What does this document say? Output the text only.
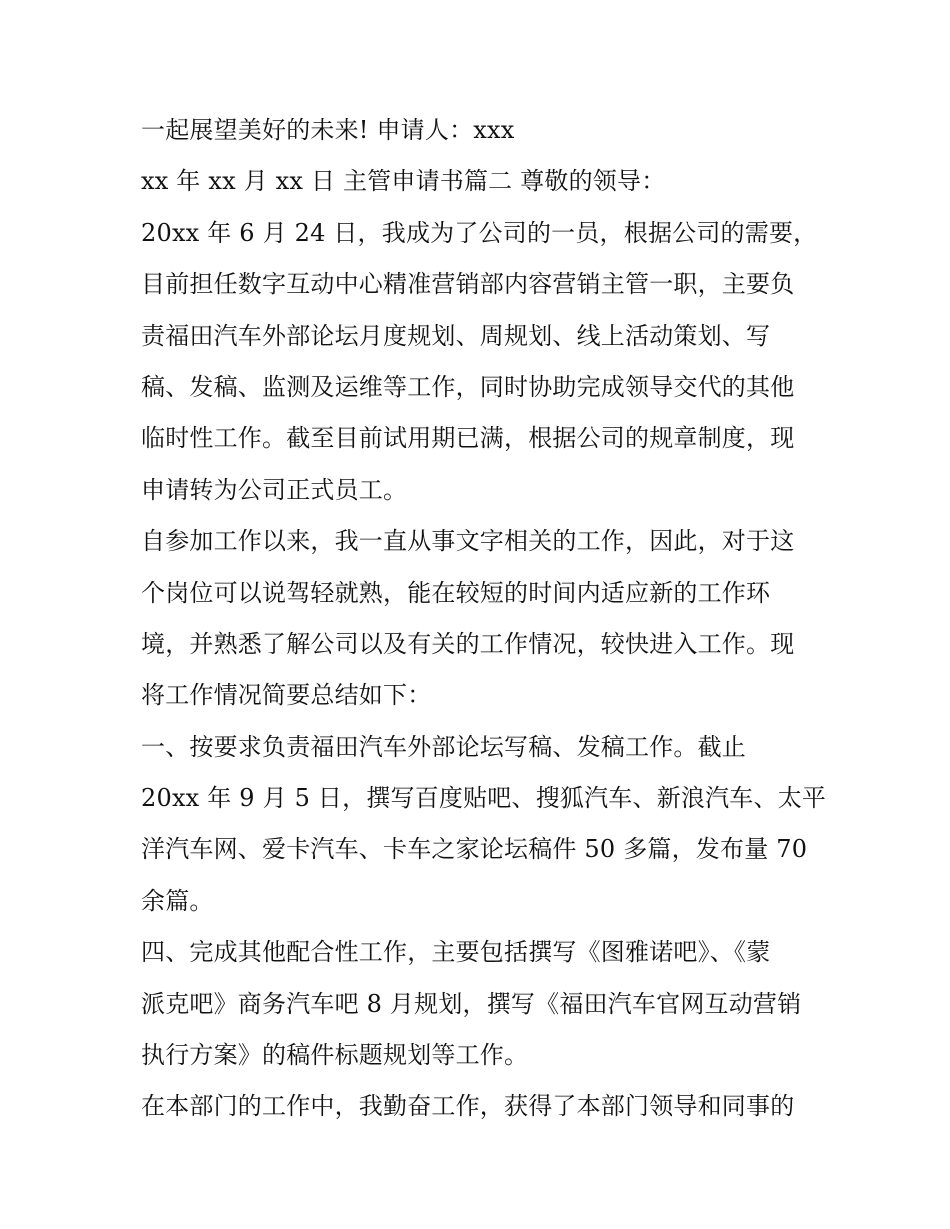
一起展望美好的未来! 申请人：xxx
xx 年 xx 月 xx 日 主管申请书篇二 尊敬的领导：
20xx 年 6 月 24 日，我成为了公司的一员，根据公司的需要，
目前担任数字互动中心精准营销部内容营销主管一职，主要负
责福田汽车外部论坛月度规划、周规划、线上活动策划、写
稿、发稿、监测及运维等工作，同时协助完成领导交代的其他
临时性工作。截至目前试用期已满，根据公司的规章制度，现
申请转为公司正式员工。
自参加工作以来，我一直从事文字相关的工作，因此，对于这
个岗位可以说驾轻就熟，能在较短的时间内适应新的工作环
境，并熟悉了解公司以及有关的工作情况，较快进入工作。现
将工作情况简要总结如下：
一、按要求负责福田汽车外部论坛写稿、发稿工作。截止
20xx 年 9 月 5 日，撰写百度贴吧、搜狐汽车、新浪汽车、太平
洋汽车网、爱卡汽车、卡车之家论坛稿件 50 多篇，发布量 70
余篇。
四、完成其他配合性工作，主要包括撰写《图雅诺吧》、《蒙
派克吧》商务汽车吧 8 月规划，撰写《福田汽车官网互动营销
执行方案》的稿件标题规划等工作。
在本部门的工作中，我勤奋工作，获得了本部门领导和同事的
